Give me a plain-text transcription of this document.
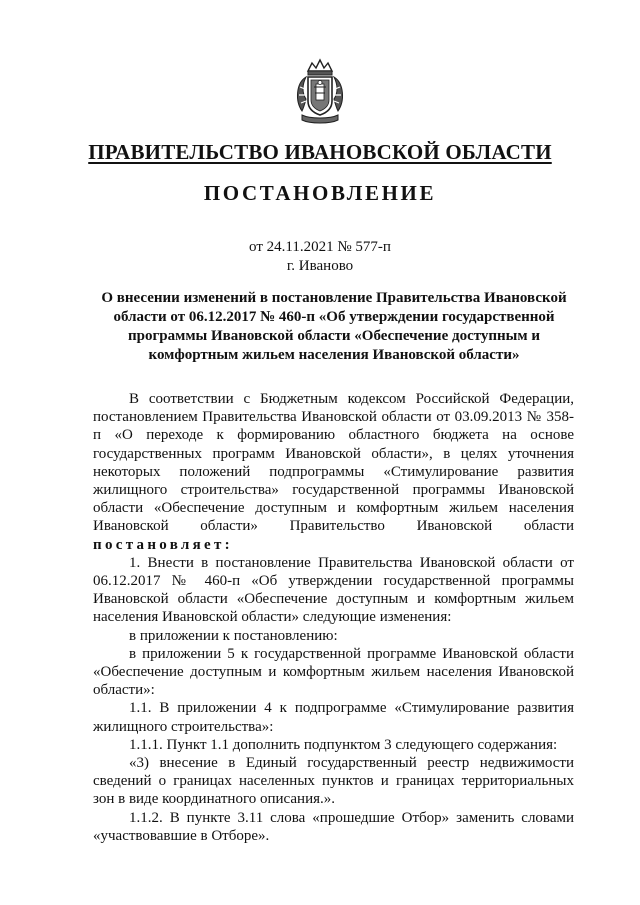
ПРАВИТЕЛЬСТВО ИВАНОВСКОЙ ОБЛАСТИ
ПОСТАНОВЛЕНИЕ
от 24.11.2021 № 577-п
г. Иваново
О внесении изменений в постановление Правительства Ивановской области от 06.12.2017 № 460-п «Об утверждении государственной программы Ивановской области «Обеспечение доступным и комфортным жильем населения Ивановской области»

В соответствии с Бюджетным кодексом Российской Федерации, постановлением Правительства Ивановской области от 03.09.2013 № 358-п «О переходе к формированию областного бюджета на основе государственных программ Ивановской области», в целях уточнения некоторых положений подпрограммы «Стимулирование развития жилищного строительства» государственной программы Ивановской области «Обеспечение доступным и комфортным жильем населения Ивановской области» Правительство Ивановской области постановляет:

1. Внести в постановление Правительства Ивановской области от 06.12.2017 № 460-п «Об утверждении государственной программы Ивановской области «Обеспечение доступным и комфортным жильем населения Ивановской области» следующие изменения:

в приложении к постановлению:

в приложении 5 к государственной программе Ивановской области «Обеспечение доступным и комфортным жильем населения Ивановской области»:

1.1. В приложении 4 к подпрограмме «Стимулирование развития жилищного строительства»:

1.1.1. Пункт 1.1 дополнить подпунктом 3 следующего содержания:

«3) внесение в Единый государственный реестр недвижимости сведений о границах населенных пунктов и границах территориальных зон в виде координатного описания.».

1.1.2. В пункте 3.11 слова «прошедшие Отбор» заменить словами «участвовавшие в Отборе».
